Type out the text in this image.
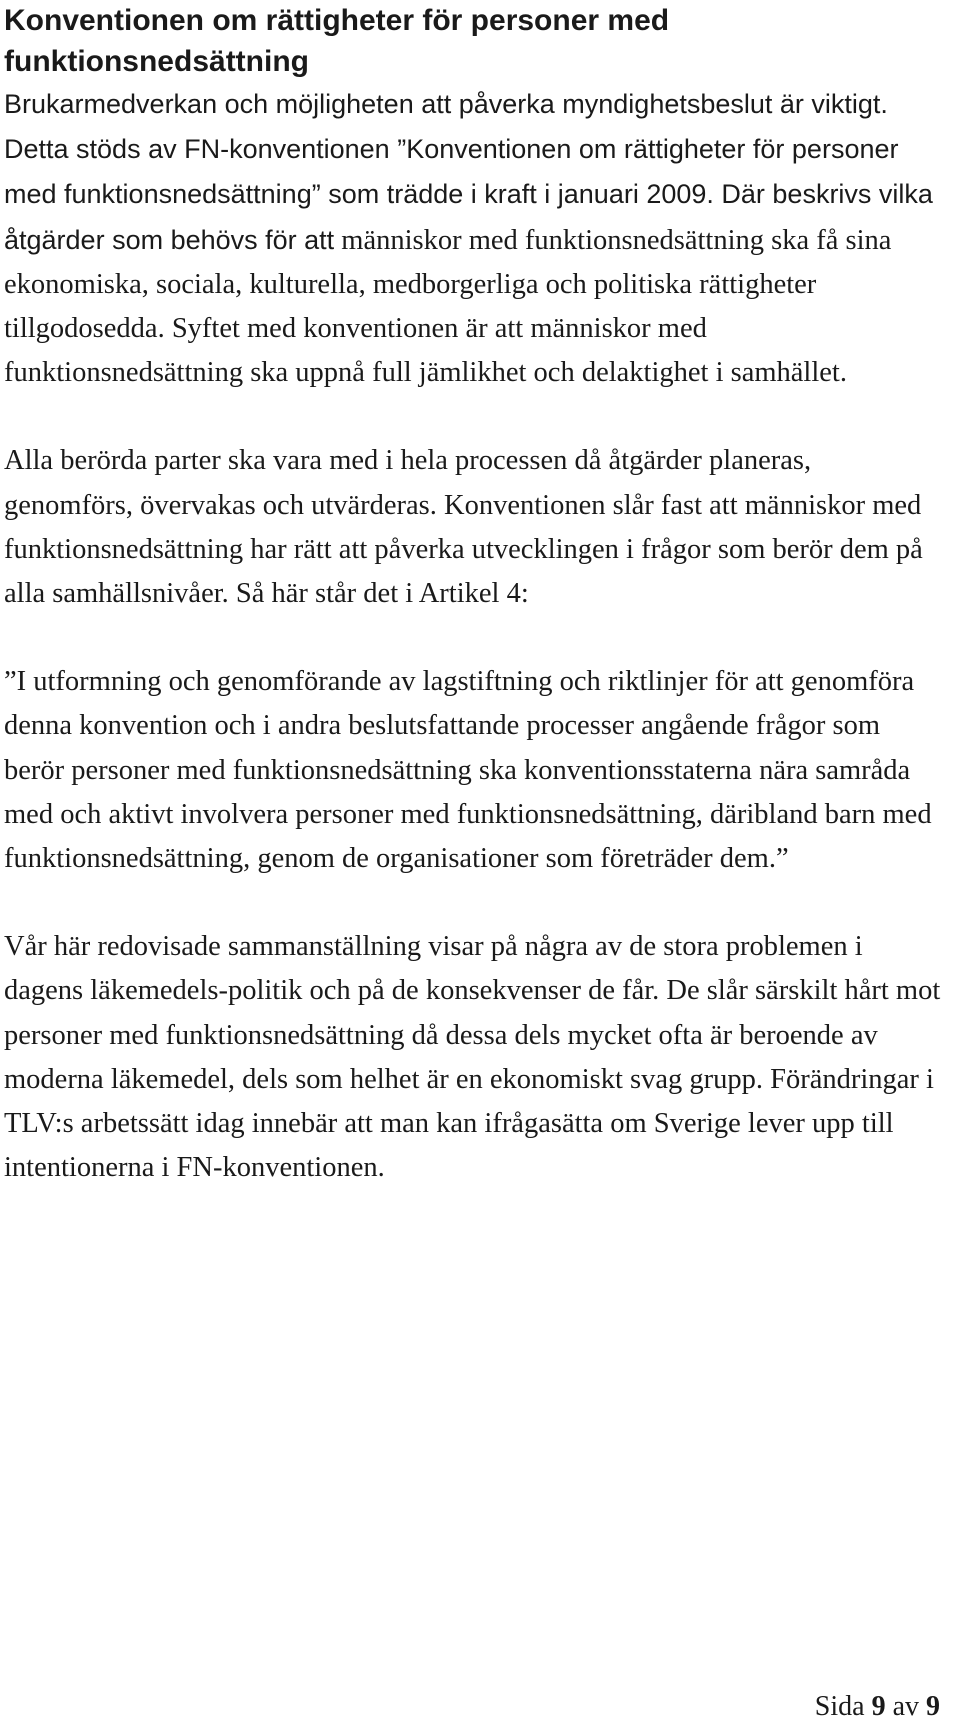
Konventionen om rättigheter för personer med funktionsnedsättning

Brukarmedverkan och möjligheten att påverka myndighetsbeslut är viktigt. Detta stöds av FN-konventionen ”Konventionen om rättigheter för personer med funktionsnedsättning” som trädde i kraft i januari 2009. Där beskrivs vilka åtgärder som behövs för att människor med funktionsnedsättning ska få sina ekonomiska, sociala, kulturella, medborgerliga och politiska rättigheter tillgodosedda. Syftet med konventionen är att människor med funktionsnedsättning ska uppnå full jämlikhet och delaktighet i samhället.

Alla berörda parter ska vara med i hela processen då åtgärder planeras, genomförs, övervakas och utvärderas. Konventionen slår fast att människor med funktionsnedsättning har rätt att påverka utvecklingen i frågor som berör dem på alla samhällsnivåer. Så här står det i Artikel 4:

”I utformning och genomförande av lagstiftning och riktlinjer för att genomföra denna konvention och i andra beslutsfattande processer angående frågor som berör personer med funktionsnedsättning ska konventionsstaterna nära samråda med och aktivt involvera personer med funktionsnedsättning, däribland barn med funktionsnedsättning, genom de organisationer som företräder dem.”

Vår här redovisade sammanställning visar på några av de stora problemen i dagens läkemedels-politik och på de konsekvenser de får. De slår särskilt hårt mot personer med funktionsnedsättning då dessa dels mycket ofta är beroende av moderna läkemedel, dels som helhet är en ekonomiskt svag grupp. Förändringar i TLV:s arbetssätt idag innebär att man kan ifrågasätta om Sverige lever upp till intentionerna i FN-konventionen.

Sida 9 av 9
